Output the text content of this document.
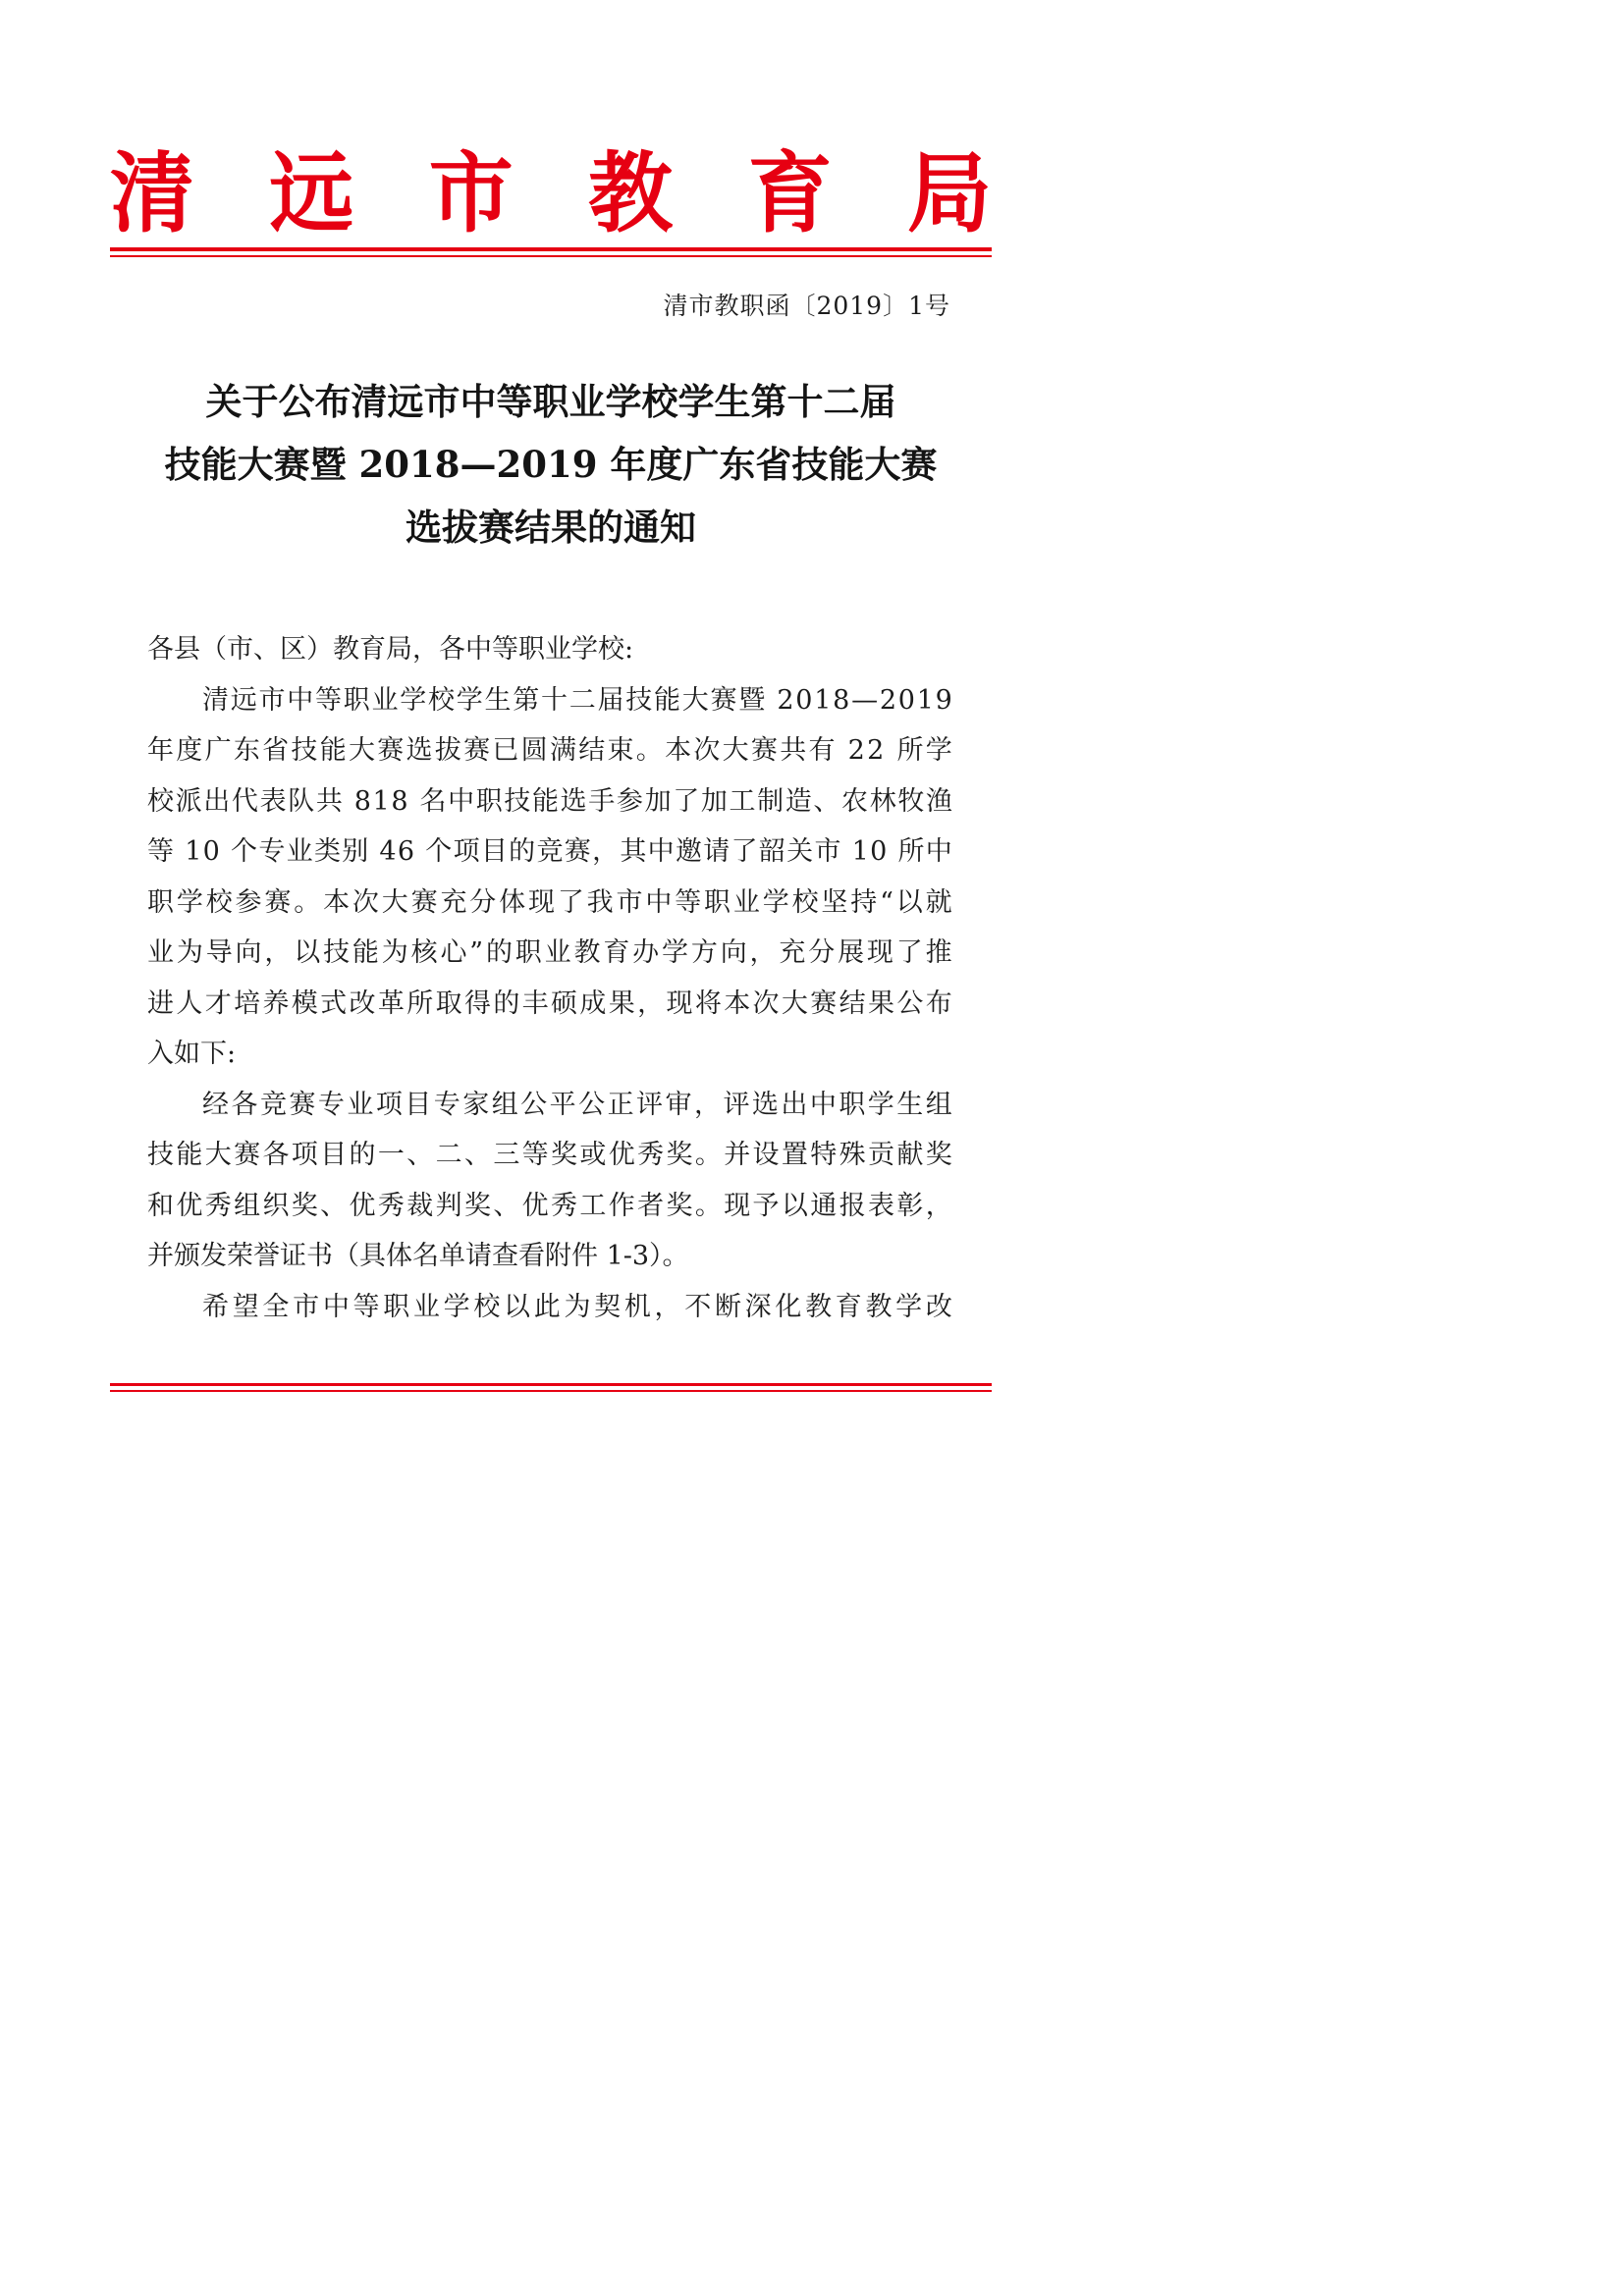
清 远 市 教 育 局
清市教职函〔2019〕1号
关于公布清远市中等职业学校学生第十二届
技能大赛暨 2018—2019 年度广东省技能大赛
选拔赛结果的通知
各县（市、区）教育局，各中等职业学校:
清 远 市 中 等 职 业 学 校 学 生 第 十 二 届 技 能 大 赛 暨
2 0 1 8 — 2 0 1 9
年 度 广 东 省 技 能 大 赛 选 拔 赛 已 圆 满 结 束 。 本 次 大 赛 共 有
2 2
所 学
校 派 出 代 表 队 共
8 1 8
名 中 职 技 能 选 手 参 加 了 加 工 制 造 、 农 林 牧 渔
等
1 0
个 专 业 类 别
4 6
个 项 目 的 竞 赛 ， 其 中 邀 请 了 韶 关 市
1 0
所 中
职 学 校 参 赛 。 本 次 大 赛 充 分 体 现 了 我 市 中 等 职 业 学 校 坚 持 “ 以 就
业 为 导 向 ， 以 技 能 为 核 心 ” 的 职 业 教 育 办 学 方 向 ， 充 分 展 现 了 推
进 人 才 培 养 模 式 改 革 所 取 得 的 丰 硕 成 果 ， 现 将 本 次 大 赛 结 果 公 布
入如下:
经 各 竞 赛 专 业 项 目 专 家 组 公 平 公 正 评 审 ， 评 选 出 中 职 学 生 组
技 能 大 赛 各 项 目 的 一 、 二 、 三 等 奖 或 优 秀 奖 。 并 设 置 特 殊 贡 献 奖
和 优 秀 组 织 奖 、 优 秀 裁 判 奖 、 优 秀 工 作 者 奖 。 现 予 以 通 报 表 彰 ，
并颁发荣誉证书（具体名单请查看附件 1-3）。
希 望 全 市 中 等 职 业 学 校 以 此 为 契 机 ， 不 断 深 化 教 育 教 学 改
